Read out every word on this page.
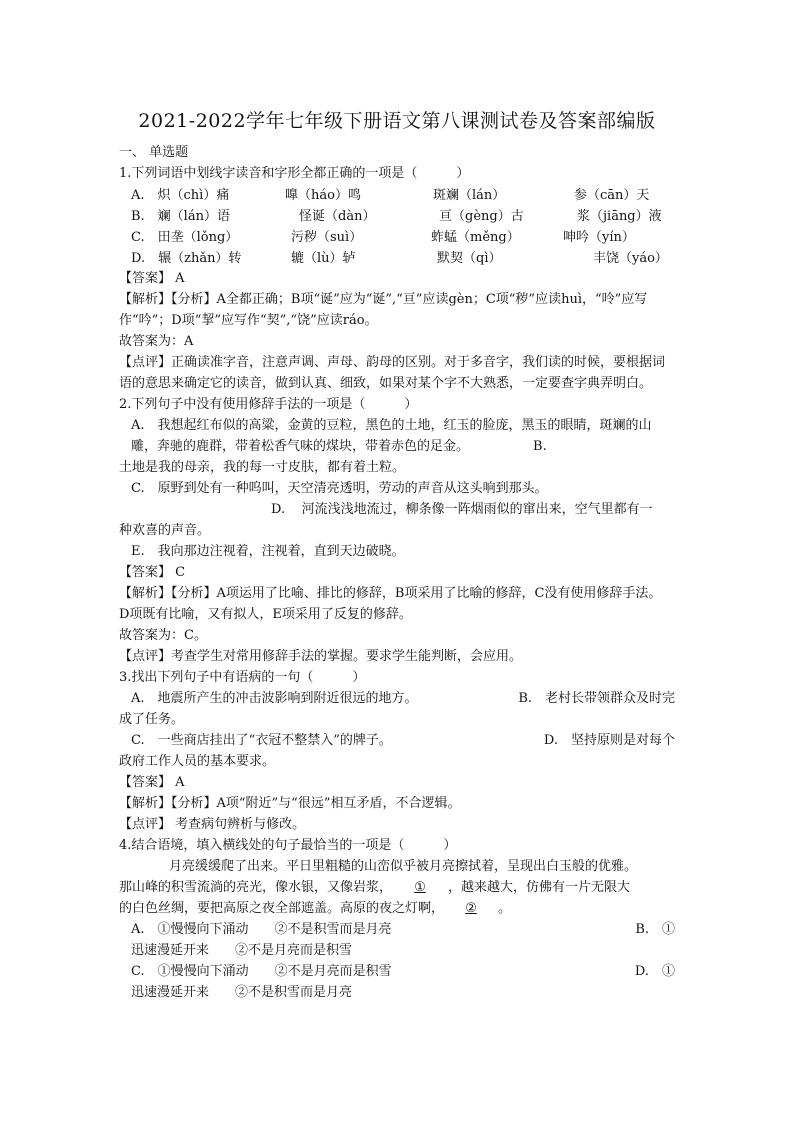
2021-2022学年七年级下册语文第八课测试卷及答案部编版
一、 单选题
1.下列词语中划线字读音和字形全都正确的一项是（　　　）
A.　炽（chì）痛	嘷（háo）鸣	斑斓（lán）	参（cān）天
B.　斓（lán）语	怪诞（dàn）	亘（gèng）古	浆（jiāng）液
C.　田垄（lǒng）	污秽（suì）	蚱蜢（měng）	呻吟（yín）
D.　辗（zhǎn）转	辘（lù）轳	默契（qì）	丰饶（yáo）
【答案】 A
【解析】【分析】A全都正确；B项“诞”应为“诞”,“亘”应读gèn；C项“秽”应读huì，“呤”应写作“吟”；D项“挈”应写作“契”,“饶”应读ráo。
故答案为：A
【点评】正确读准字音，注意声调、声母、韵母的区别。对于多音字，我们读的时候，要根据词语的意思来确定它的读音，做到认真、细致，如果对某个字不大熟悉，一定要查字典弄明白。
2.下列句子中没有使用修辞手法的一项是（　　　）
A.　我想起红布似的高粱，金黄的豆粒，黑色的土地，红玉的脸庞，黑玉的眼睛，斑斓的山雕，奔驰的鹿群，带着松香气味的煤块，带着赤色的足金。	B.
土地是我的母亲，我的每一寸皮肤，都有着土粒。
C.　原野到处有一种呜叫，天空清亮透明，劳动的声音从这头响到那头。
D. 河流浅浅地流过，柳条像一阵烟雨似的窜出来，空气里都有一
种欢喜的声音。
E.　我向那边注视着，注视着，直到天边破晓。
【答案】 C
【解析】【分析】A项运用了比喻、排比的修辞，B项采用了比喻的修辞，C没有使用修辞手法。　D项既有比喻，又有拟人，E项采用了反复的修辞。
故答案为：C。
【点评】考查学生对常用修辞手法的掌握。要求学生能判断，会应用。
3.找出下列句子中有语病的一句（　　　）
A.　地震所产生的冲击波影响到附近很远的地方。	B.　老村长带领群众及时完
成了任务。
C.　一些商店挂出了“衣冠不整禁入”的牌子。	D.　坚持原则是对每个
政府工作人员的基本要求。
【答案】 A
【解析】【分析】A项“附近”与“很远”相互矛盾，不合逻辑。
【点评】 考查病句辨析与修改。
4.结合语境，填入横线处的句子最恰当的一项是（　　　）
月亮缓缓爬了出来。平日里粗糙的山峦似乎被月亮擦拭着，呈现出白玉般的优雅。
那山峰的积雪流淌的亮光，像水银，又像岩浆， ① ，越来越大，仿佛有一片无限大
的白色丝绸，要把高原之夜全部遮盖。高原的夜之灯啊， ② 。
A.　①慢慢向下涌动　　②不是积雪而是月亮	B.　①
迅速漫延开来　　②不是月亮而是积雪
C.　①慢慢向下涌动　　②不是月亮而是积雪	D.　①
迅速漫延开来　　②不是积雪而是月亮
